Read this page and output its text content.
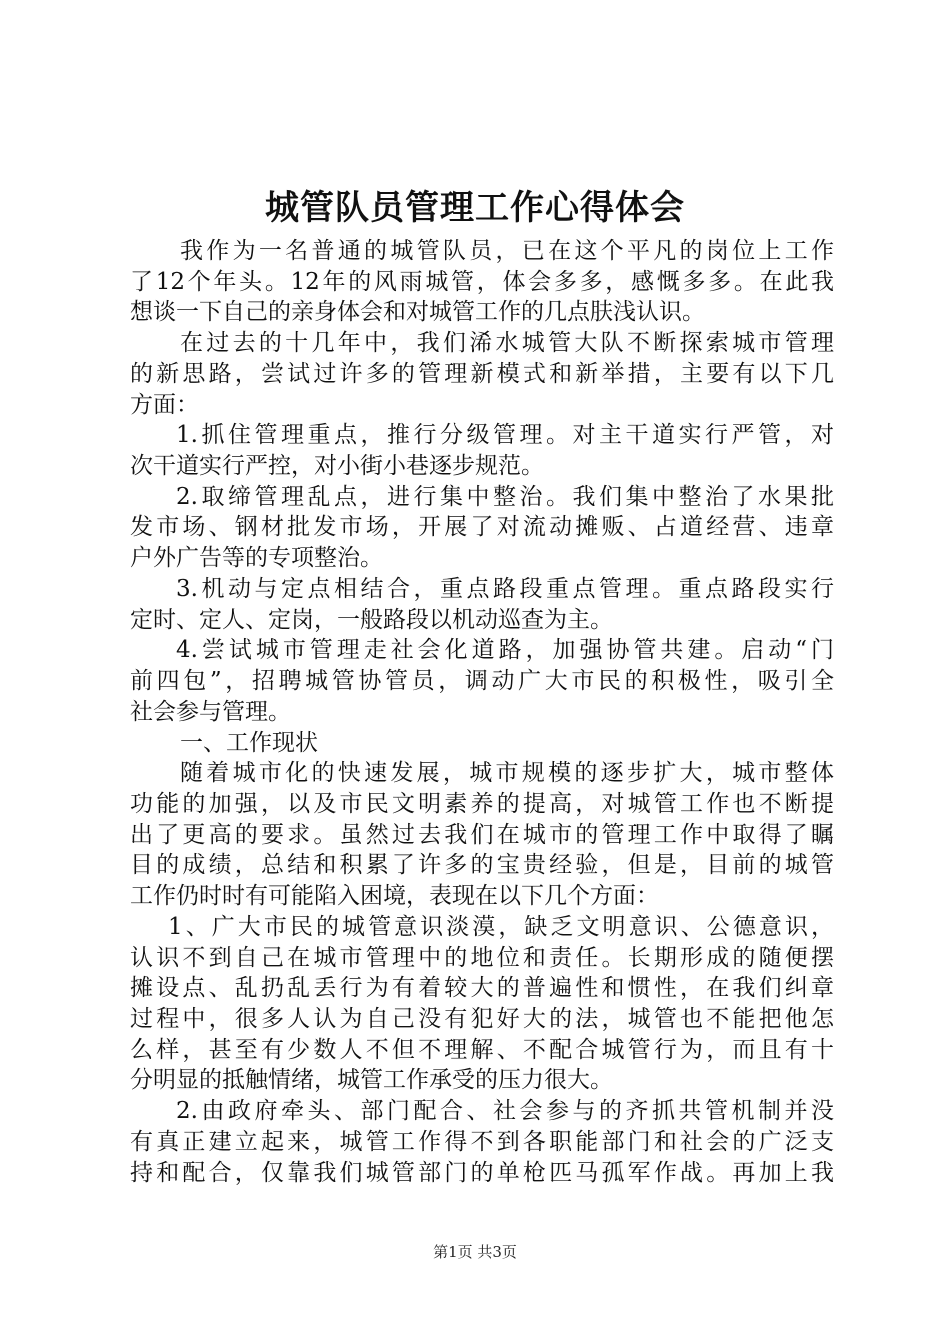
城管队员管理工作心得体会
我作为一名普通的城管队员，已在这个平凡的岗位上工作
了12个年头。12年的风雨城管，体会多多，感慨多多。在此我
想谈一下自己的亲身体会和对城管工作的几点肤浅认识。
在过去的十几年中，我们浠水城管大队不断探索城市管理
的新思路，尝试过许多的管理新模式和新举措，主要有以下几
方面：
1.抓住管理重点，推行分级管理。对主干道实行严管，对
次干道实行严控，对小街小巷逐步规范。
2.取缔管理乱点，进行集中整治。我们集中整治了水果批
发市场、钢材批发市场，开展了对流动摊贩、占道经营、违章
户外广告等的专项整治。
3.机动与定点相结合，重点路段重点管理。重点路段实行
定时、定人、定岗，一般路段以机动巡查为主。
4.尝试城市管理走社会化道路，加强协管共建。启动“门
前四包”，招聘城管协管员，调动广大市民的积极性，吸引全
社会参与管理。
一、工作现状
随着城市化的快速发展，城市规模的逐步扩大，城市整体
功能的加强，以及市民文明素养的提高，对城管工作也不断提
出了更高的要求。虽然过去我们在城市的管理工作中取得了瞩
目的成绩，总结和积累了许多的宝贵经验，但是，目前的城管
工作仍时时有可能陷入困境，表现在以下几个方面：
1、广大市民的城管意识淡漠，缺乏文明意识、公德意识，
认识不到自己在城市管理中的地位和责任。长期形成的随便摆
摊设点、乱扔乱丢行为有着较大的普遍性和惯性，在我们纠章
过程中，很多人认为自己没有犯好大的法，城管也不能把他怎
么样，甚至有少数人不但不理解、不配合城管行为，而且有十
分明显的抵触情绪，城管工作承受的压力很大。
2.由政府牵头、部门配合、社会参与的齐抓共管机制并没
有真正建立起来，城管工作得不到各职能部门和社会的广泛支
持和配合，仅靠我们城管部门的单枪匹马孤军作战。再加上我
第1页 共3页
